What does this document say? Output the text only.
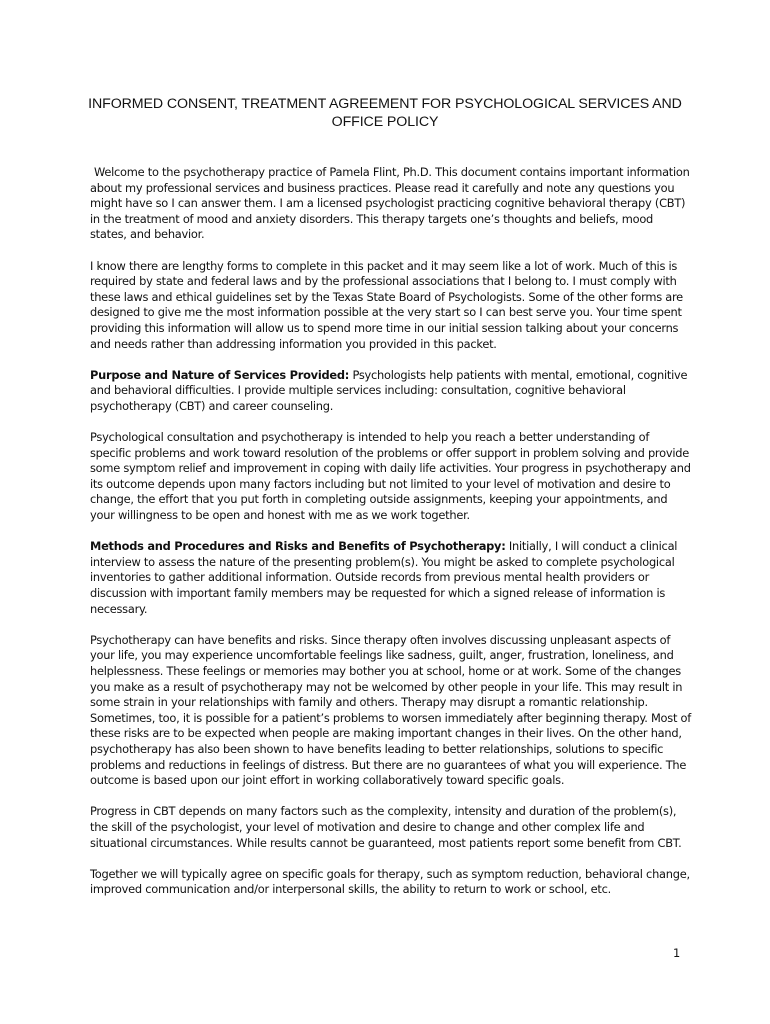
INFORMED CONSENT, TREATMENT AGREEMENT FOR PSYCHOLOGICAL SERVICES AND
OFFICE POLICY

Welcome to the psychotherapy practice of Pamela Flint, Ph.D. This document contains important information about my professional services and business practices. Please read it carefully and note any questions you might have so I can answer them. I am a licensed psychologist practicing cognitive behavioral therapy (CBT) in the treatment of mood and anxiety disorders. This therapy targets one’s thoughts and beliefs, mood states, and behavior.

I know there are lengthy forms to complete in this packet and it may seem like a lot of work. Much of this is required by state and federal laws and by the professional associations that I belong to. I must comply with these laws and ethical guidelines set by the Texas State Board of Psychologists. Some of the other forms are designed to give me the most information possible at the very start so I can best serve you. Your time spent providing this information will allow us to spend more time in our initial session talking about your concerns and needs rather than addressing information you provided in this packet.

Purpose and Nature of Services Provided: Psychologists help patients with mental, emotional, cognitive and behavioral difficulties. I provide multiple services including: consultation, cognitive behavioral psychotherapy (CBT) and career counseling.

Psychological consultation and psychotherapy is intended to help you reach a better understanding of specific problems and work toward resolution of the problems or offer support in problem solving and provide some symptom relief and improvement in coping with daily life activities. Your progress in psychotherapy and its outcome depends upon many factors including but not limited to your level of motivation and desire to change, the effort that you put forth in completing outside assignments, keeping your appointments, and your willingness to be open and honest with me as we work together.

Methods and Procedures and Risks and Benefits of Psychotherapy: Initially, I will conduct a clinical interview to assess the nature of the presenting problem(s). You might be asked to complete psychological inventories to gather additional information. Outside records from previous mental health providers or discussion with important family members may be requested for which a signed release of information is necessary.

Psychotherapy can have benefits and risks. Since therapy often involves discussing unpleasant aspects of your life, you may experience uncomfortable feelings like sadness, guilt, anger, frustration, loneliness, and helplessness. These feelings or memories may bother you at school, home or at work. Some of the changes you make as a result of psychotherapy may not be welcomed by other people in your life. This may result in some strain in your relationships with family and others. Therapy may disrupt a romantic relationship. Sometimes, too, it is possible for a patient’s problems to worsen immediately after beginning therapy. Most of these risks are to be expected when people are making important changes in their lives. On the other hand, psychotherapy has also been shown to have benefits leading to better relationships, solutions to specific problems and reductions in feelings of distress. But there are no guarantees of what you will experience. The outcome is based upon our joint effort in working collaboratively toward specific goals.

Progress in CBT depends on many factors such as the complexity, intensity and duration of the problem(s), the skill of the psychologist, your level of motivation and desire to change and other complex life and situational circumstances. While results cannot be guaranteed, most patients report some benefit from CBT.

Together we will typically agree on specific goals for therapy, such as symptom reduction, behavioral change, improved communication and/or interpersonal skills, the ability to return to work or school, etc.

1
